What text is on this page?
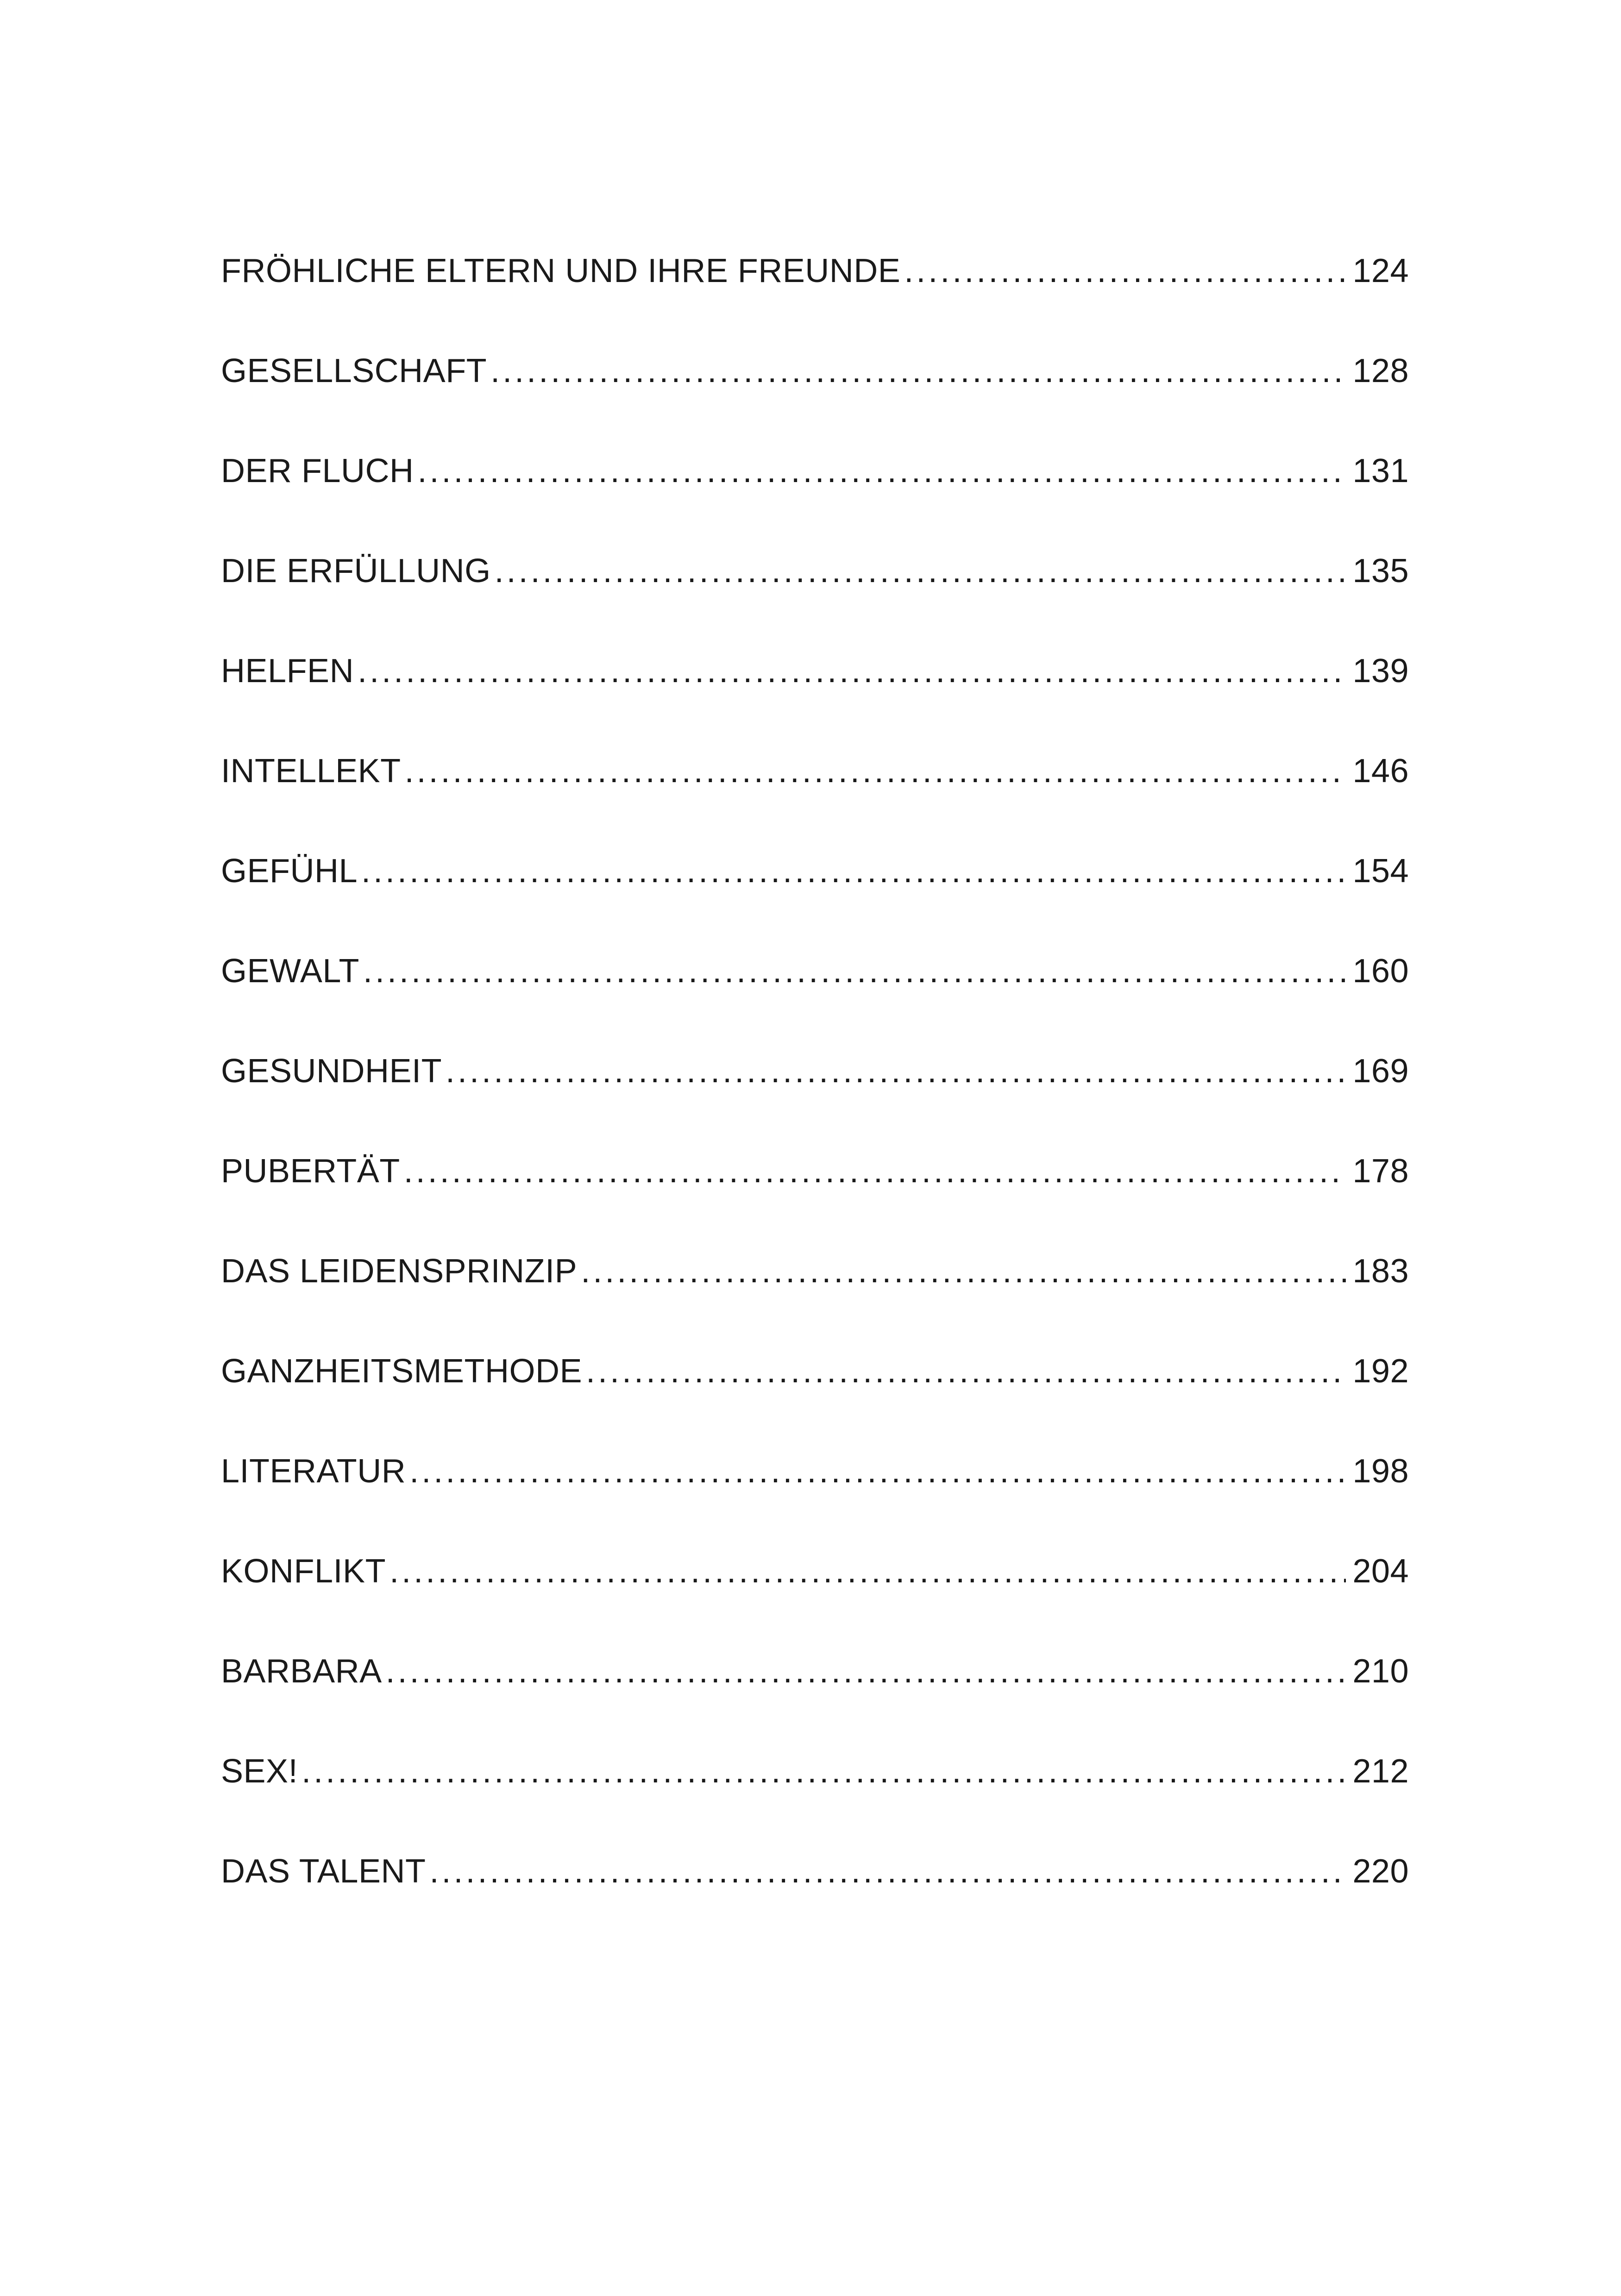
FRÖHLICHE ELTERN UND IHRE FREUNDE .....	124
GESELLSCHAFT .....	128
DER FLUCH .....	131
DIE ERFÜLLUNG .....	135
HELFEN .....	139
INTELLEKT .....	146
GEFÜHL .....	154
GEWALT .....	160
GESUNDHEIT .....	169
PUBERTÄT .....	178
DAS LEIDENSPRINZIP .....	183
GANZHEITSMETHODE .....	192
LITERATUR .....	198
KONFLIKT .....	204
BARBARA .....	210
SEX! .....	212
DAS TALENT .....	220
